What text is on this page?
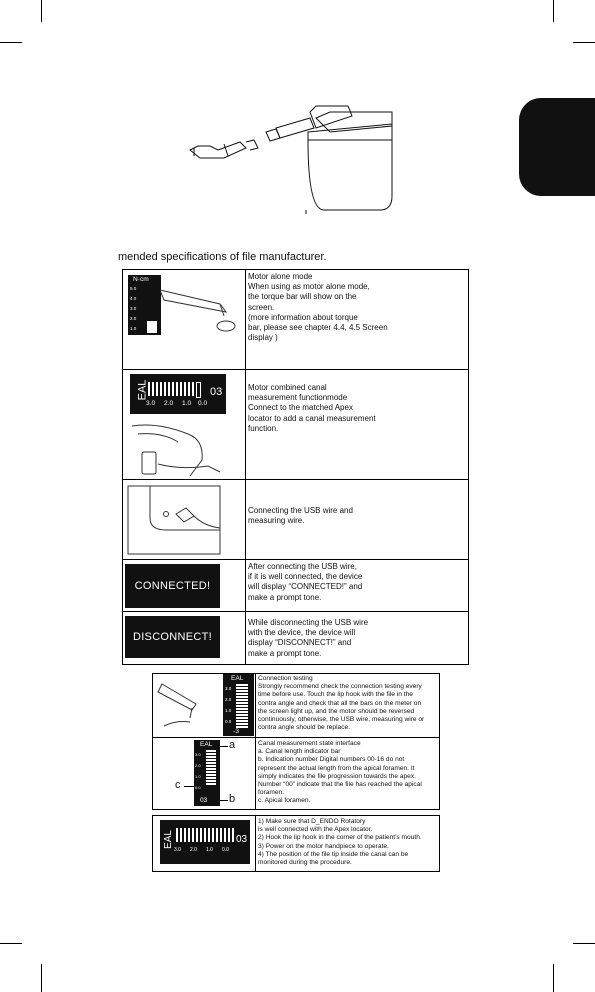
mended specifications of file manufacturer.
N·cm
5.0
4.0
3.0
2.0
1.0
Motor alone mode
When using as motor alone mode,
the torque bar will show on the
screen.
(more information about torque
bar, please see chapter 4.4, 4.5 Screen
display )
EAL
3.0 2.0 1.0 0.0
03	Motor combined canal
measurement functionmode
Connect to the matched Apex
locator to add a canal measurement
function.
Connecting the USB wire and
measuring wire.
CONNECTED!
After connecting the USB wire,
if it is well connected, the device
will display “CONNECTED!” and
make a prompt tone.
DISCONNECT!
While disconnecting the USB wire
with the device, the device will
display “DISCONNECT!” and
make a prompt tone.
EAL
3.0
2.0
1.0
0.0
-3
Connection testing
Strongly recommend check the connection testing every
time before use. Touch the lip hook with the file in the
contra angle and check that all the bars on the meter on
the screen light up, and the motor should be reversed
continuously, otherwise, the USB wire, measuring wire or
contra angle should be replace.
EAL
3.0
2.0
1.0
0.0
03
a
b
c
Canal measurement state interface
a. Canal length indicator bar
b. Indication number Digital numbers 00-16 do not
represent the actual length from the apical foramen. It
simply indicates the file progression towards the apex.
Number “00” indicate that the file has reached the apical
foramen.
c. Apical foramen.
EAL
3.0 2.0 1.0 0.0
03
1) Make sure that D_ENDO Rotatory
is well connected with the Apex locator.
2) Hook the lip hook in the corner of the patient’s mouth.
3) Power on the motor handpiece to operate.
4) The position of the file tip inside the canal can be
monitored during the procedure.
